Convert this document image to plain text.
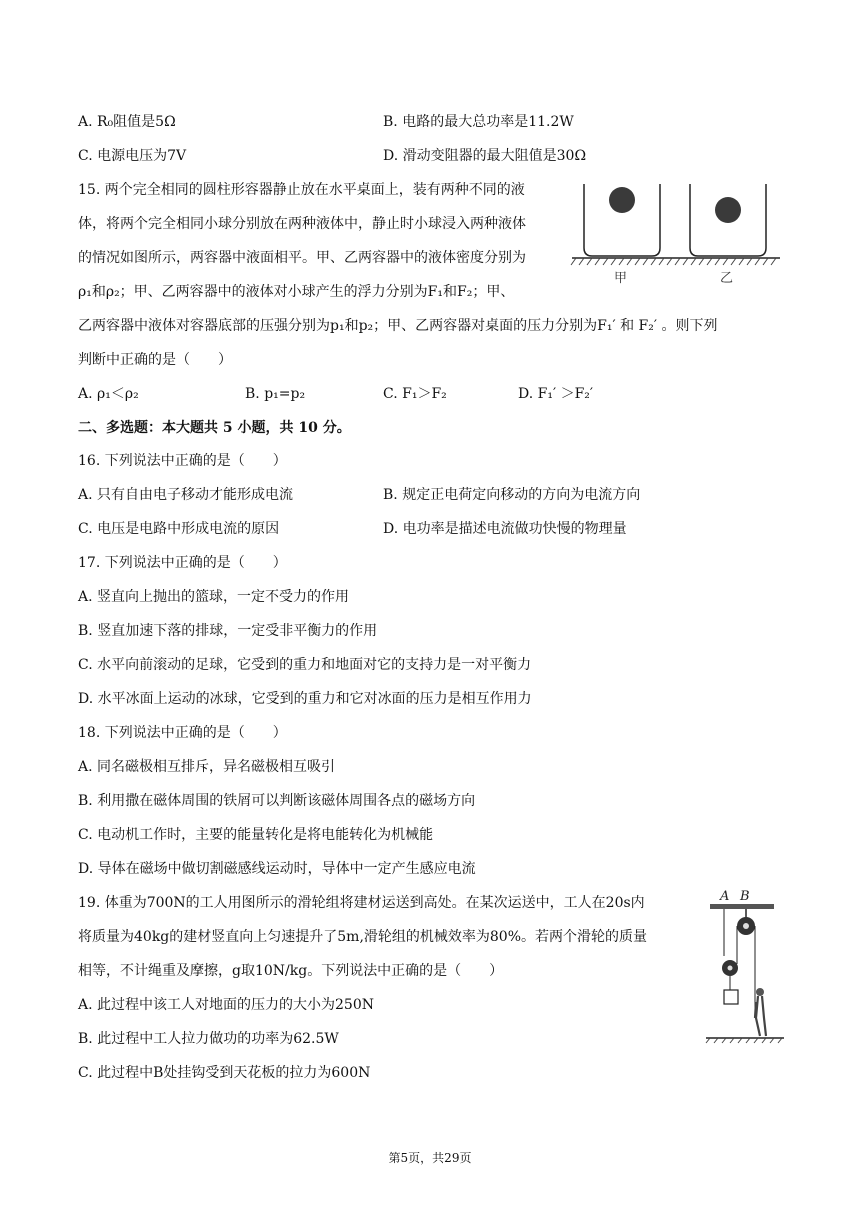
A. R₀阻值是5Ω	B. 电路的最大总功率是11.2W
C. 电源电压为7V	D. 滑动变阻器的最大阻值是30Ω
15. 两个完全相同的圆柱形容器静止放在水平桌面上，装有两种不同的液
体，将两个完全相同小球分别放在两种液体中，静止时小球浸入两种液体
的情况如图所示，两容器中液面相平。甲、乙两容器中的液体密度分别为
ρ₁和ρ₂；甲、乙两容器中的液体对小球产生的浮力分别为F₁和F₂；甲、
乙两容器中液体对容器底部的压强分别为p₁和p₂；甲、乙两容器对桌面的压力分别为F₁′ 和 F₂′ 。则下列
判断中正确的是（　　）
A. ρ₁＜ρ₂	B. p₁=p₂	C. F₁＞F₂	D. F₁′ ＞F₂′
甲	乙
二、多选题：本大题共 5 小题，共 10 分。
16. 下列说法中正确的是（　　）
A. 只有自由电子移动才能形成电流	B. 规定正电荷定向移动的方向为电流方向
C. 电压是电路中形成电流的原因	D. 电功率是描述电流做功快慢的物理量
17. 下列说法中正确的是（　　）
A. 竖直向上抛出的篮球，一定不受力的作用
B. 竖直加速下落的排球，一定受非平衡力的作用
C. 水平向前滚动的足球，它受到的重力和地面对它的支持力是一对平衡力
D. 水平冰面上运动的冰球，它受到的重力和它对冰面的压力是相互作用力
18. 下列说法中正确的是（　　）
A. 同名磁极相互排斥，异名磁极相互吸引
B. 利用撒在磁体周围的铁屑可以判断该磁体周围各点的磁场方向
C. 电动机工作时，主要的能量转化是将电能转化为机械能
D. 导体在磁场中做切割磁感线运动时，导体中一定产生感应电流
19. 体重为700N的工人用图所示的滑轮组将建材运送到高处。在某次运送中，工人在20s内
将质量为40kg的建材竖直向上匀速提升了5m,滑轮组的机械效率为80%。若两个滑轮的质量
相等，不计绳重及摩擦，g取10N/kg。下列说法中正确的是（　　）
A. 此过程中该工人对地面的压力的大小为250N
B. 此过程中工人拉力做功的功率为62.5W
C. 此过程中B处挂钩受到天花板的拉力为600N
A B
第5页，共29页
